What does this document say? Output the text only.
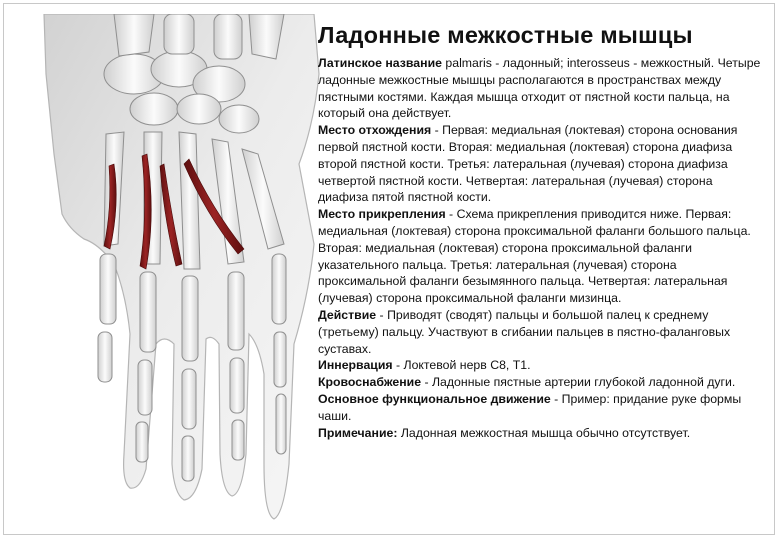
Ладонные межкостные мышцы

Латинское название palmaris - ладонный; interosseus - межкостный. Четыре ладонные межкостные мышцы располагаются в пространствах между пястными костями. Каждая мышца отходит от пястной кости пальца, на который она действует.

Место отхождения - Первая: медиальная (локтевая) сторона основания первой пястной кости. Вторая: медиальная (локтевая) сторона диафиза второй пястной кости. Третья: латеральная (лучевая) сторона диафиза четвертой пястной кости. Четвертая: латеральная (лучевая) сторона диафиза пятой пястной кости.

Место прикрепления - Схема прикрепления приводится ниже. Первая: медиальная (локтевая) сторона проксимальной фаланги большого пальца. Вторая: медиальная (локтевая) сторона проксимальной фаланги указательного пальца. Третья: латеральная (лучевая) сторона проксимальной фаланги безымянного пальца. Четвертая: латеральная (лучевая) сторона проксимальной фаланги мизинца.

Действие - Приводят (сводят) пальцы и большой палец к среднему (третьему) пальцу. Участвуют в сгибании пальцев в пястно-фаланговых суставах.

Иннервация - Локтевой нерв С8, Т1.

Кровоснабжение - Ладонные пястные артерии глубокой ладонной дуги.

Основное функциональное движение - Пример: придание руке формы чаши.

Примечание: Ладонная межкостная мышца обычно отсутствует.
